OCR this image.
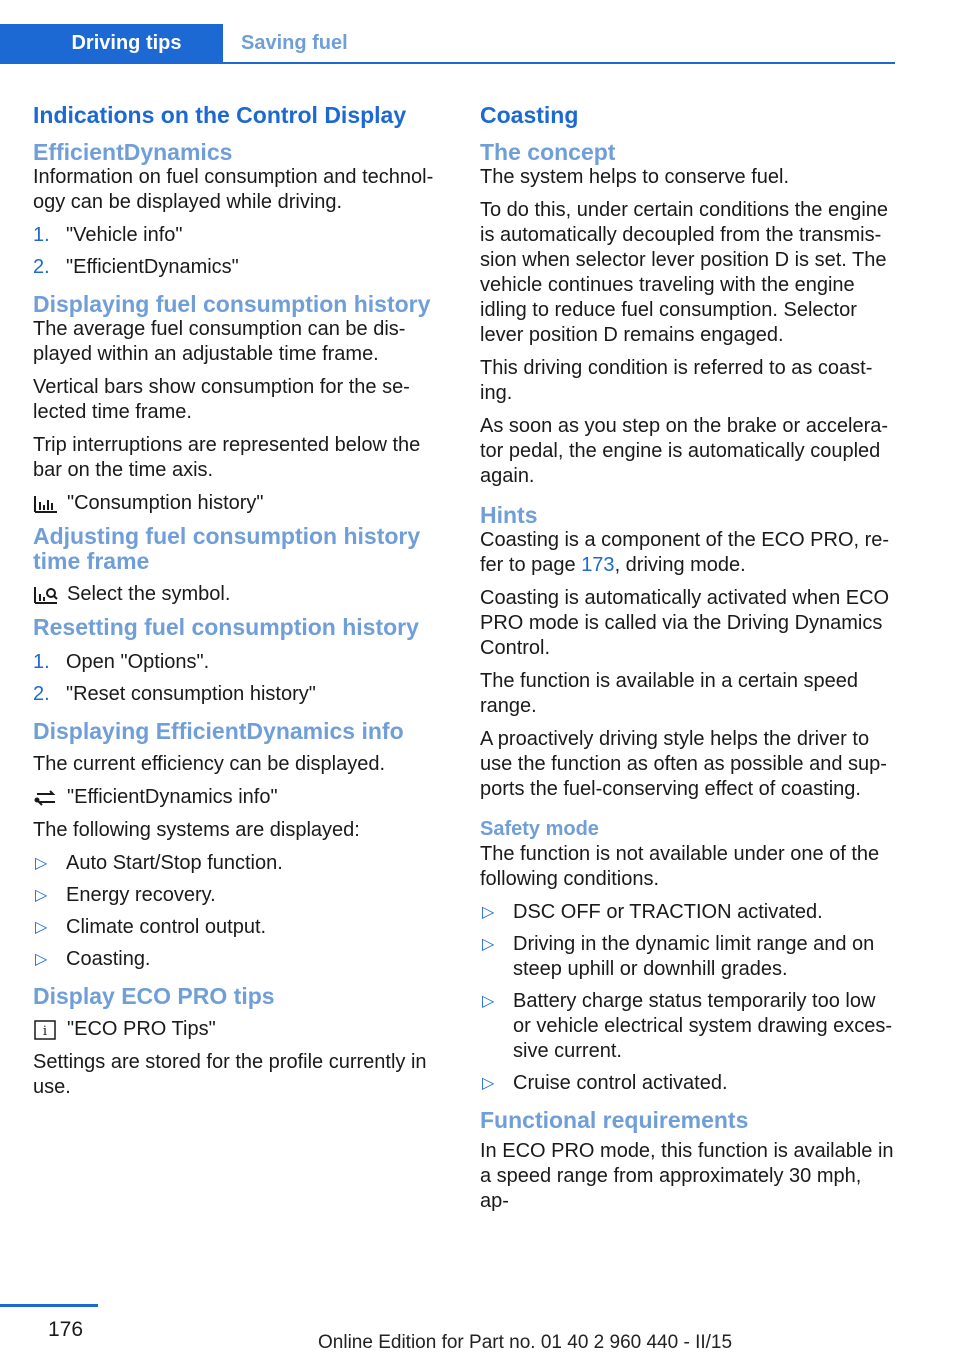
Driving tips	Saving fuel
Indications on the Control Display
EfficientDynamics

Information on fuel consumption and technol‐ogy can be displayed while driving.

1. "Vehicle info"
2. "EfficientDynamics"
Displaying fuel consumption history

The average fuel consumption can be dis‐played within an adjustable time frame.

Vertical bars show consumption for the se‐lected time frame.

Trip interruptions are represented below the bar on the time axis.

"Consumption history"
Adjusting fuel consumption history time frame
Select the symbol.
Resetting fuel consumption history
1. Open "Options".
2. "Reset consumption history"
Displaying EfficientDynamics info

The current efficiency can be displayed.

"EfficientDynamics info"

The following systems are displayed:

▷ Auto Start/Stop function.
▷ Energy recovery.
▷ Climate control output.
▷ Coasting.
Display ECO PRO tips
i "ECO PRO Tips"

Settings are stored for the profile currently in use.

Coasting
The concept

The system helps to conserve fuel.

To do this, under certain conditions the engine is automatically decoupled from the transmis‐sion when selector lever position D is set. The vehicle continues traveling with the engine idling to reduce fuel consumption. Selector lever position D remains engaged.

This driving condition is referred to as coast‐ing.

As soon as you step on the brake or accelera‐tor pedal, the engine is automatically coupled again.

Hints

Coasting is a component of the ECO PRO, re‐fer to page 173, driving mode.

Coasting is automatically activated when ECO PRO mode is called via the Driving Dynamics Control.

The function is available in a certain speed range.

A proactively driving style helps the driver to use the function as often as possible and sup‐ports the fuel-conserving effect of coasting.

Safety mode

The function is not available under one of the following conditions.

▷ DSC OFF or TRACTION activated.
▷ Driving in the dynamic limit range and on steep uphill or downhill grades.
▷ Battery charge status temporarily too low or vehicle electrical system drawing exces‐sive current.
▷ Cruise control activated.
Functional requirements

In ECO PRO mode, this function is available in a speed range from approximately 30 mph, ap‐

176
Online Edition for Part no. 01 40 2 960 440 - II/15
